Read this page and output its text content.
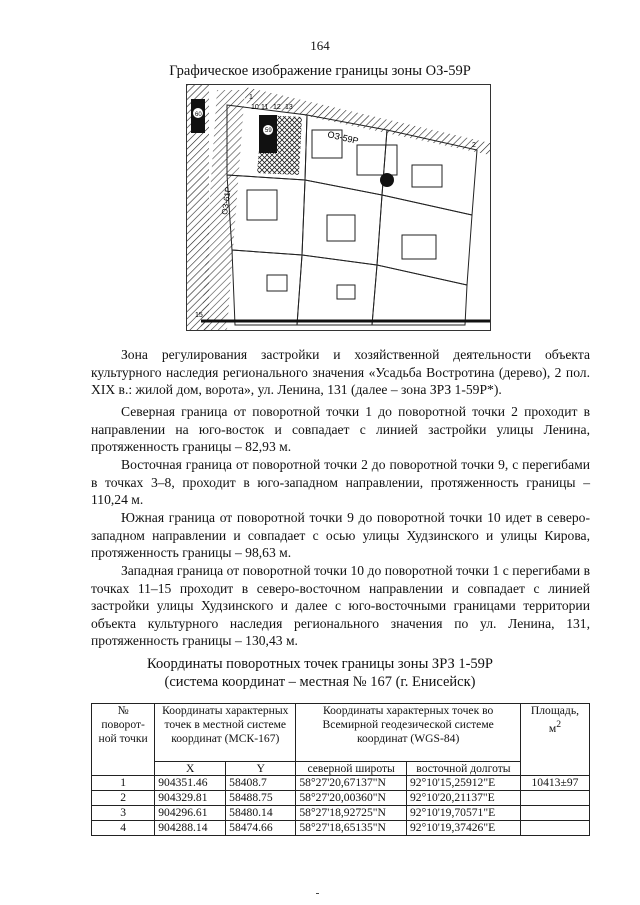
164
Графическое изображение границы зоны ОЗ-59Р
60
59	ОЗ-59Р
ОЗ-61Р
1
2
10 11 12 13
15
Зона регулирования застройки и хозяйственной деятельности объекта культурного наследия регионального значения «Усадьба Востротина (дерево), 2 пол. XIX в.: жилой дом, ворота», ул. Ленина, 131 (далее – зона ЗРЗ 1-59Р*).
Северная граница от поворотной точки 1 до поворотной точки 2 проходит в направлении на юго-восток и совпадает с линией застройки улицы Ленина, протяженность границы – 82,93 м.
Восточная граница от поворотной точки 2 до поворотной точки 9, с перегибами в точках 3–8, проходит в юго-западном направлении, протяженность границы – 110,24 м.
Южная граница от поворотной точки 9 до поворотной точки 10 идет в северо-западном направлении и совпадает с осью улицы Худзинского и улицы Кирова, протяженность границы – 98,63 м.
Западная граница от поворотной точки 10 до поворотной точки 1 с перегибами в точках 11–15 проходит в северо-восточном направлении и совпадает с линией застройки улицы Худзинского и далее с юго-восточными границами территории объекта культурного наследия регионального значения по ул. Ленина, 131, протяженность границы – 130,43 м.
Координаты поворотных точек границы зоны ЗРЗ 1-59Р
(система координат – местная № 167 (г. Енисейск)
№ поворот-ной точки	Координаты характерных точек в местной системе координат (МСК-167)		Координаты характерных точек во Всемирной геодезической системе координат (WGS-84)		Площадь, $м^2$
	X	Y	северной широты	восточной долготы	
1	904351.46	58408.7	58°27'20,67137"N	92°10'15,25912"E	10413±97
2	904329.81	58488.75	58°27'20,00360"N	92°10'20,21137"E	
3	904296.61	58480.14	58°27'18,92725"N	92°10'19,70571"E	
4	904288.14	58474.66	58°27'18,65135"N	92°10'19,37426"E	
